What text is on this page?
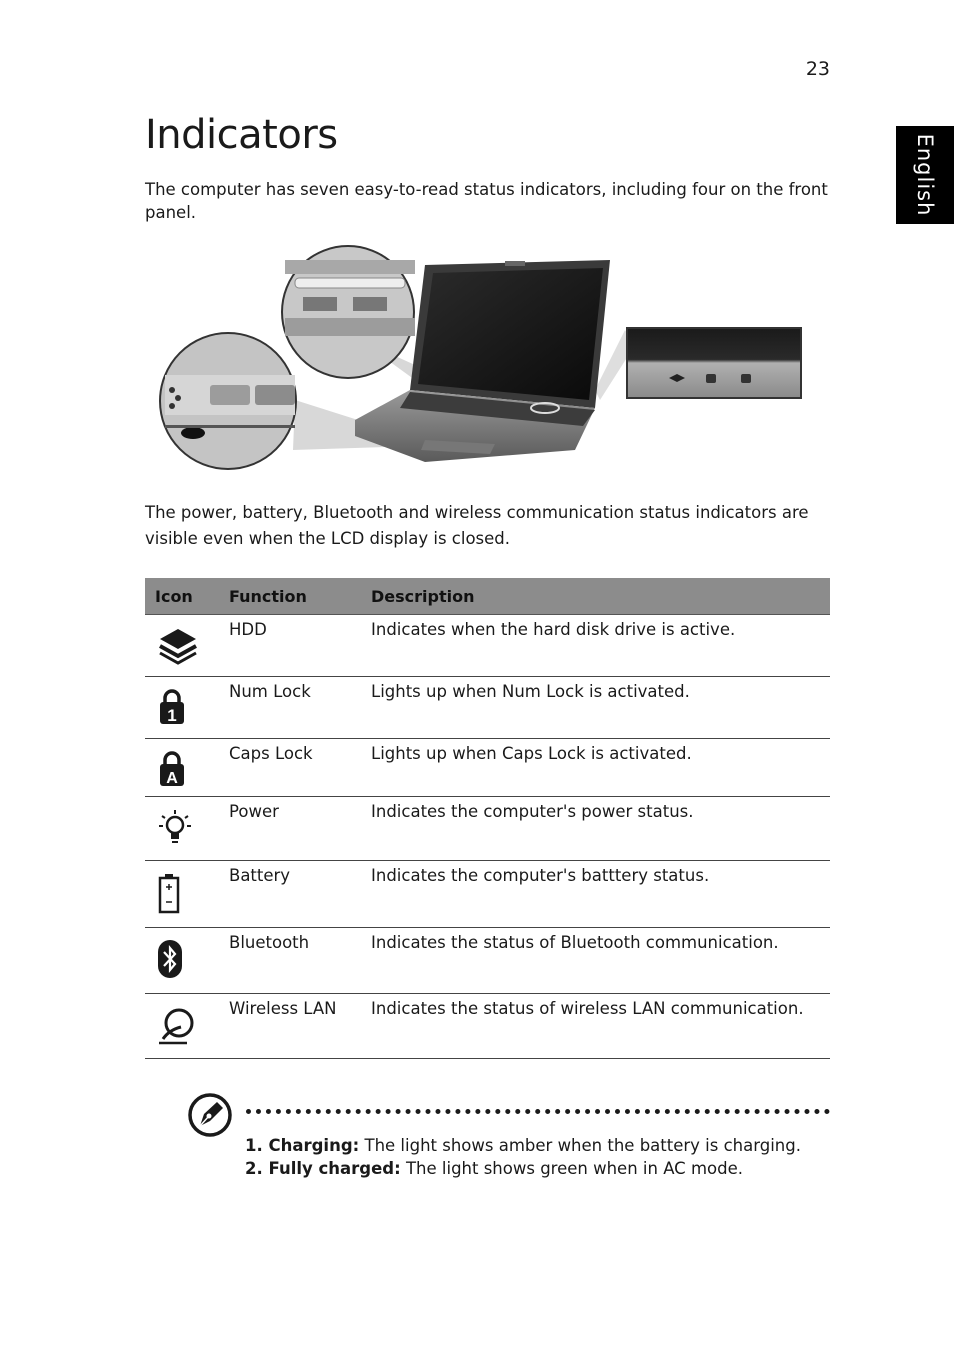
23
English
Indicators

The computer has seven easy-to-read status indicators, including four on the front panel.

The power, battery, Bluetooth and wireless communication status indicators are visible even when the LCD display is closed.

Icon	Function	Description

	HDD	Indicates when the hard disk drive is active.

1	Num Lock	Lights up when Num Lock is activated.

A	Caps Lock	Lights up when Caps Lock is activated.

	Power	Indicates the computer's power status.

	Battery	Indicates the computer's batttery status.

	Bluetooth	Indicates the status of Bluetooth communication.

	Wireless LAN	Indicates the status of wireless LAN communication.
1. Charging: The light shows amber when the battery is charging.
2. Fully charged: The light shows green when in AC mode.
